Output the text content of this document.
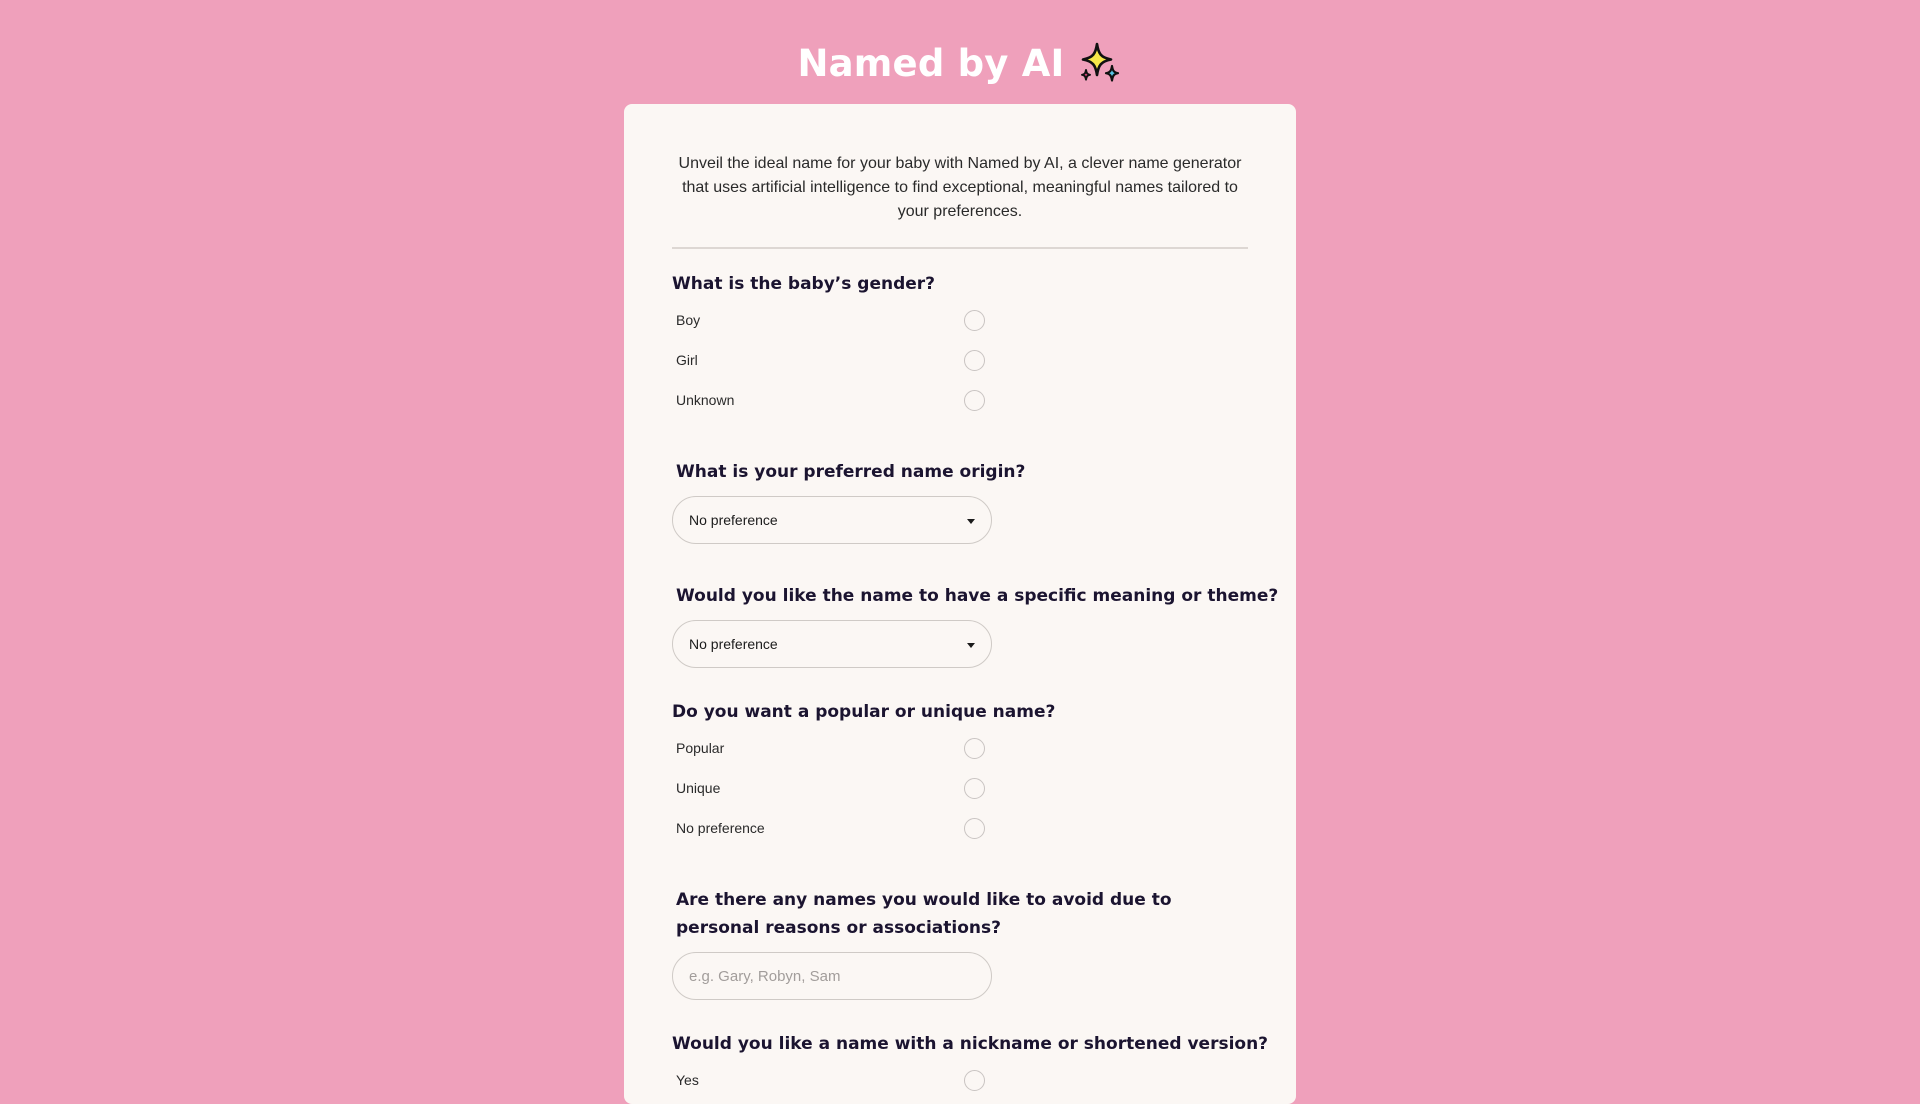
Named by AI
Unveil the ideal name for your baby with Named by AI, a clever name generator that uses artificial intelligence to find exceptional, meaningful names tailored to your preferences.
What is the baby’s gender?
Boy
Girl
Unknown
What is your preferred name origin?
No preference
Would you like the name to have a specific meaning or theme?
No preference
Do you want a popular or unique name?
Popular
Unique
No preference
Are there any names you would like to avoid due to personal reasons or associations?
e.g. Gary, Robyn, Sam
Would you like a name with a nickname or shortened version?
Yes
